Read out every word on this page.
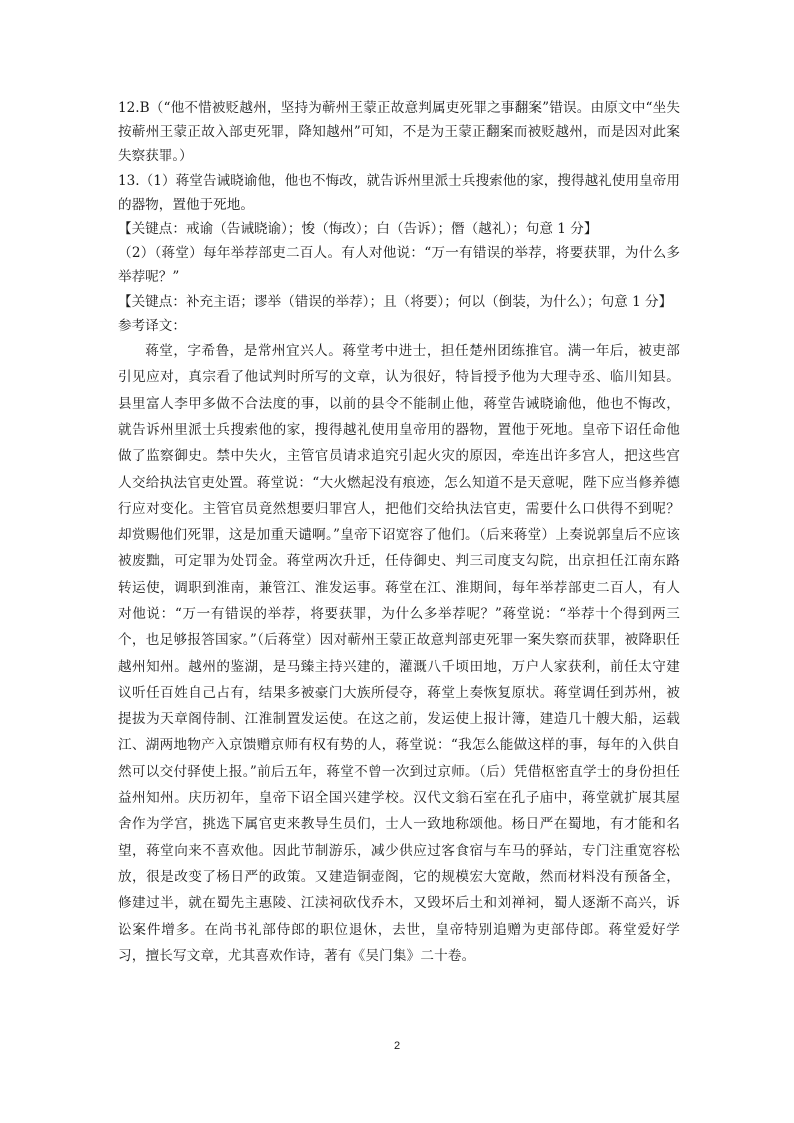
12.B（“他不惜被贬越州，坚持为蕲州王蒙正故意判属吏死罪之事翻案”错误。由原文中“坐失按蕲州王蒙正故入部吏死罪，降知越州”可知，不是为王蒙正翻案而被贬越州，而是因对此案失察获罪。）

13.（1）蒋堂告诫晓谕他，他也不悔改，就告诉州里派士兵搜索他的家，搜得越礼使用皇帝用的器物，置他于死地。

【关键点：戒谕（告诫晓谕）；悛（悔改）；白（告诉）；僭（越礼）；句意 1 分】

（2）（蒋堂）每年举荐部吏二百人。有人对他说：“万一有错误的举荐，将要获罪，为什么多举荐呢？”

【关键点：补充主语；谬举（错误的举荐）；且（将要）；何以（倒装，为什么）；句意 1 分】

参考译文：

蒋堂，字希鲁，是常州宜兴人。蒋堂考中进士，担任楚州团练推官。满一年后，被吏部引见应对，真宗看了他试判时所写的文章，认为很好，特旨授予他为大理寺丞、临川知县。县里富人李甲多做不合法度的事，以前的县令不能制止他，蒋堂告诫晓谕他，他也不悔改，就告诉州里派士兵搜索他的家，搜得越礼使用皇帝用的器物，置他于死地。皇帝下诏任命他做了监察御史。禁中失火，主管官员请求追究引起火灾的原因，牵连出许多宫人，把这些宫人交给执法官吏处置。蒋堂说：“大火燃起没有痕迹，怎么知道不是天意呢，陛下应当修养德行应对变化。主管官员竟然想要归罪宫人，把他们交给执法官吏，需要什么口供得不到呢？却赏赐他们死罪，这是加重天谴啊。”皇帝下诏宽容了他们。（后来蒋堂）上奏说郭皇后不应该被废黜，可定罪为处罚金。蒋堂两次升迁，任侍御史、判三司度支勾院，出京担任江南东路转运使，调职到淮南，兼管江、淮发运事。蒋堂在江、淮期间，每年举荐部吏二百人，有人对他说：“万一有错误的举荐，将要获罪，为什么多举荐呢？”蒋堂说：“举荐十个得到两三个，也足够报答国家。”（后蒋堂）因对蕲州王蒙正故意判部吏死罪一案失察而获罪，被降职任越州知州。越州的鉴湖，是马臻主持兴建的，灌溉八千顷田地，万户人家获利，前任太守建议听任百姓自己占有，结果多被豪门大族所侵夺，蒋堂上奏恢复原状。蒋堂调任到苏州，被提拔为天章阁侍制、江淮制置发运使。在这之前，发运使上报计簿，建造几十艘大船，运载江、湖两地物产入京馈赠京师有权有势的人，蒋堂说：“我怎么能做这样的事，每年的入供自然可以交付驿使上报。”前后五年，蒋堂不曾一次到过京师。（后）凭借枢密直学士的身份担任益州知州。庆历初年，皇帝下诏全国兴建学校。汉代文翁石室在孔子庙中，蒋堂就扩展其屋舍作为学宫，挑选下属官吏来教导生员们，士人一致地称颂他。杨日严在蜀地，有才能和名望，蒋堂向来不喜欢他。因此节制游乐，减少供应过客食宿与车马的驿站，专门注重宽容松放，很是改变了杨日严的政策。又建造铜壶阁，它的规模宏大宽敞，然而材料没有预备全，修建过半，就在蜀先主惠陵、江渎祠砍伐乔木，又毁坏后土和刘禅祠，蜀人逐渐不高兴，诉讼案件增多。在尚书礼部侍郎的职位退休，去世，皇帝特别追赠为吏部侍郎。蒋堂爱好学习，擅长写文章，尤其喜欢作诗，著有《吴门集》二十卷。

2
